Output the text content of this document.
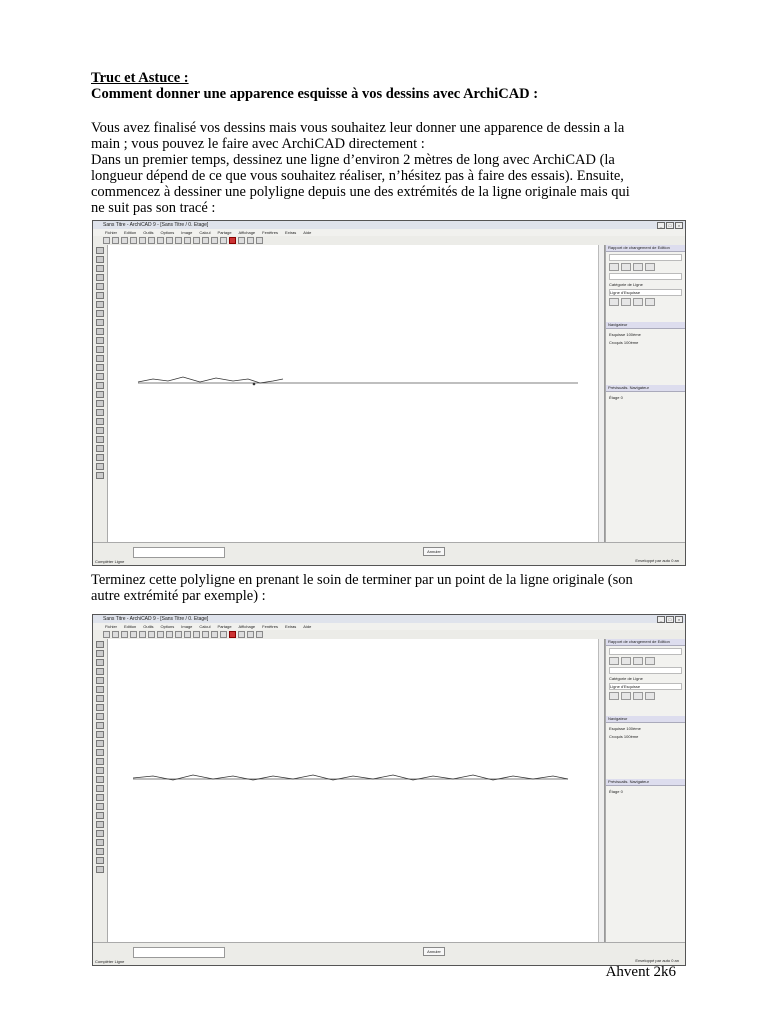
Truc et Astuce :
Comment donner une apparence esquisse à vos dessins avec ArchiCAD :
Vous avez finalisé vos dessins mais vous souhaitez leur donner une apparence de dessin a la
main ; vous pouvez le faire avec ArchiCAD directement :
Dans un premier temps, dessinez une ligne d’environ 2 mètres de long avec ArchiCAD (la
longueur dépend de ce que vous souhaitez réaliser, n’hésitez pas à faire des essais). Ensuite,
commencez à dessiner une polyligne depuis une des extrémités de la ligne originale mais qui
ne suit pas son tracé :
Sans Titre - ArchiCAD 9 - [Sans Titre / 0. Etage]	_	□	×
Fichier Edition Outils Options Image Calcul Partage Affichage Fenêtres Extras Aide
Rapport de changement de Edition
Catégorie de Ligne
Ligne d'Esquisse
Navigateur
Esquisse 100ème
Croquis 100ème
Prévisualis. Navigateur
Étage 0
Annuler
Compléter Ligne	Enveloppé par auto 0 an
Terminez cette polyligne en prenant le soin de terminer par un point de la ligne originale (son
autre extrémité par exemple) :
Sans Titre - ArchiCAD 9 - [Sans Titre / 0. Etage]	_	□	×
Fichier Edition Outils Options Image Calcul Partage Affichage Fenêtres Extras Aide
Rapport de changement de Edition
Catégorie de Ligne
Ligne d'Esquisse
Navigateur
Esquisse 100ème
Croquis 100ème
Prévisualis. Navigateur
Étage 0
Annuler
Compléter Ligne	Enveloppé par auto 0 an
Ahvent 2k6
